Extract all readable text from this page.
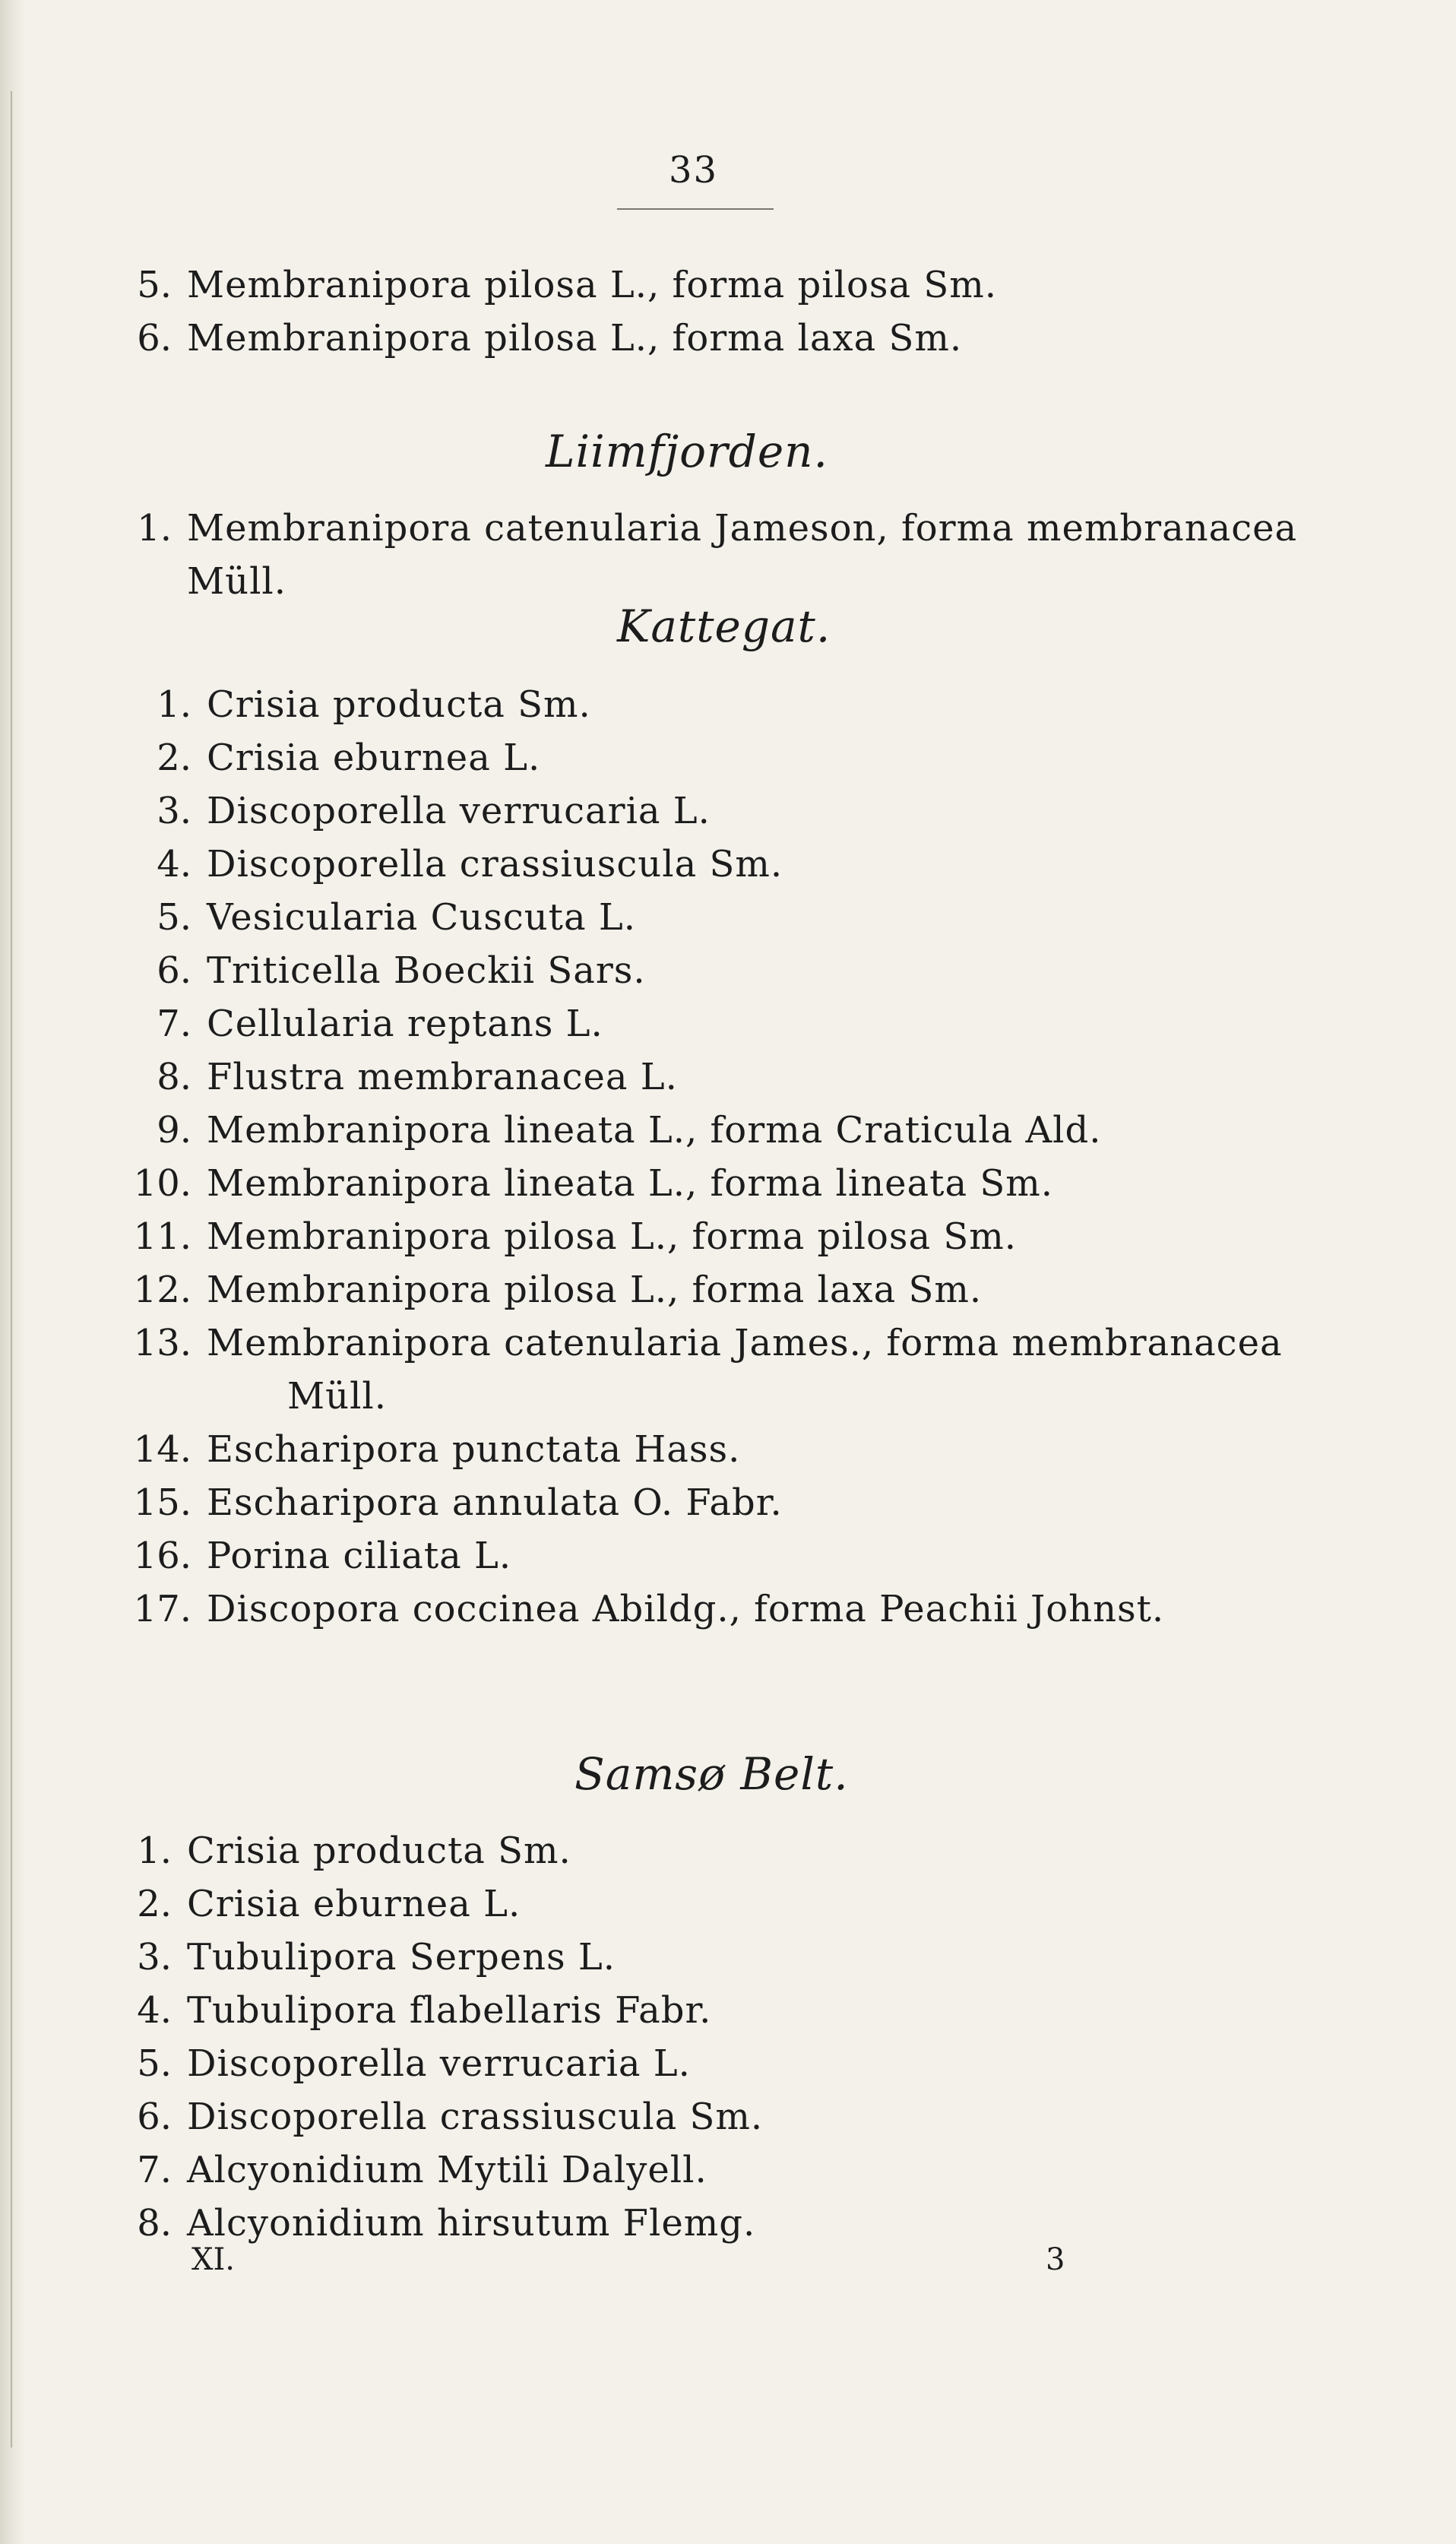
33
5. Membranipora pilosa L., forma pilosa Sm.
6. Membranipora pilosa L., forma laxa Sm.
Liimfjorden.
1. Membranipora catenularia Jameson, forma membranacea
Müll.
Kattegat.
1. Crisia producta Sm.
2. Crisia eburnea L.
3. Discoporella verrucaria L.
4. Discoporella crassiuscula Sm.
5. Vesicularia Cuscuta L.
6. Triticella Boeckii Sars.
7. Cellularia reptans L.
8. Flustra membranacea L.
9. Membranipora lineata L., forma Craticula Ald.
10. Membranipora lineata L., forma lineata Sm.
11. Membranipora pilosa L., forma pilosa Sm.
12. Membranipora pilosa L., forma laxa Sm.
13. Membranipora catenularia James., forma membranacea
Müll.
14. Escharipora punctata Hass.
15. Escharipora annulata O. Fabr.
16. Porina ciliata L.
17. Discopora coccinea Abildg., forma Peachii Johnst.
Samsø Belt.
1. Crisia producta Sm.
2. Crisia eburnea L.
3. Tubulipora Serpens L.
4. Tubulipora flabellaris Fabr.
5. Discoporella verrucaria L.
6. Discoporella crassiuscula Sm.
7. Alcyonidium Mytili Dalyell.
8. Alcyonidium hirsutum Flemg.
XI.	3
